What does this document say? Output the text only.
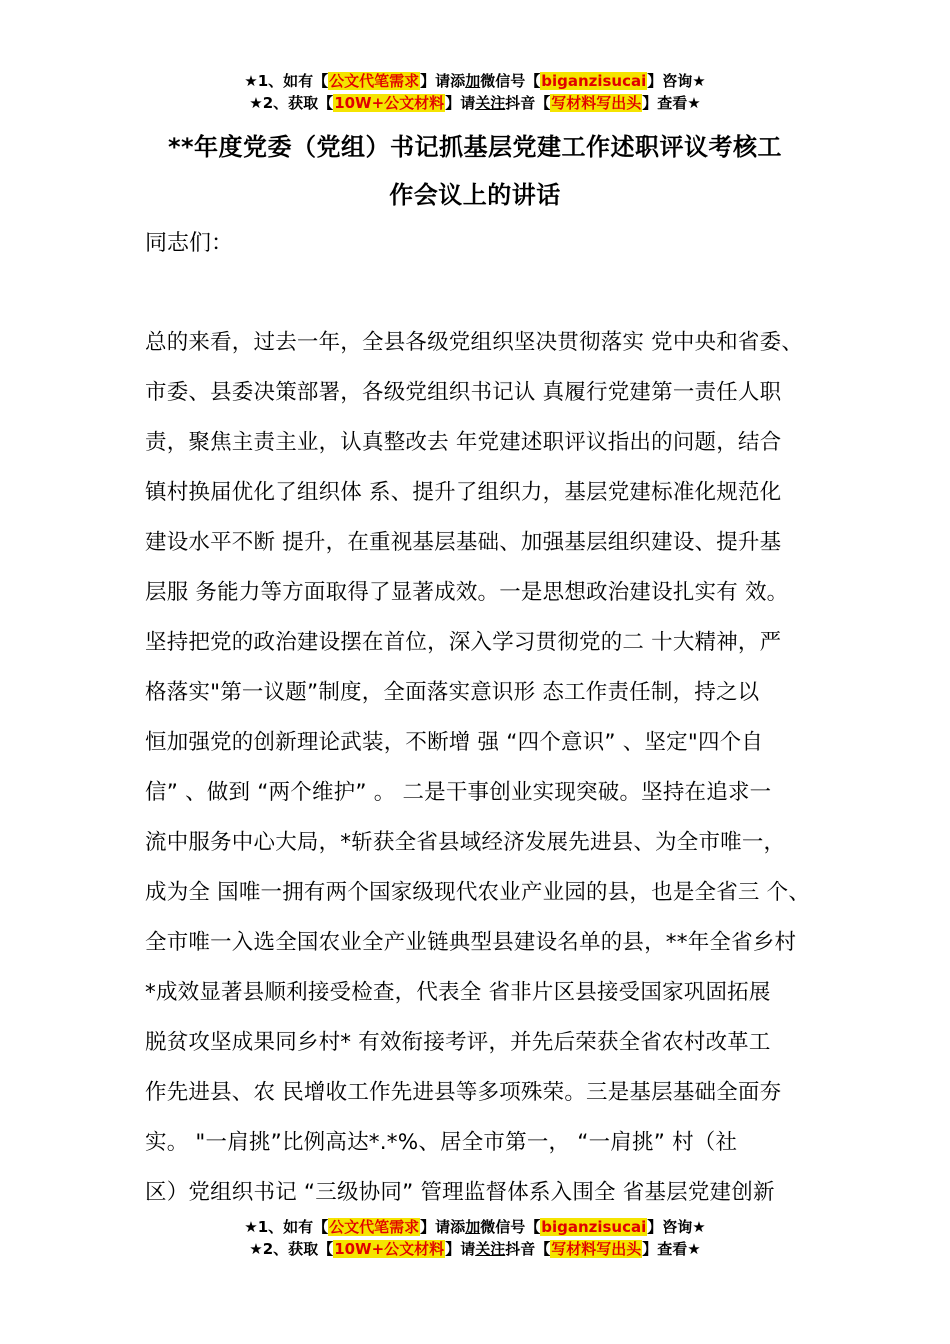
★1、如有【公文代笔需求】请添加微信号【biganzisucai】咨询★
★2、获取【10W+公文材料】请关注抖音【写材料写出头】查看★
**年度党委（党组）书记抓基层党建工作述职评议考核工
作会议上的讲话
同志们：
总的来看，过去一年，全县各级党组织坚决贯彻落实 党中央和省委、
市委、县委决策部署，各级党组织书记认 真履行党建第一责任人职
责，聚焦主责主业，认真整改去 年党建述职评议指出的问题，结合
镇村换届优化了组织体 系、提升了组织力，基层党建标准化规范化
建设水平不断 提升，在重视基层基础、加强基层组织建设、提升基
层服 务能力等方面取得了显著成效。一是思想政治建设扎实有 效。
坚持把党的政治建设摆在首位，深入学习贯彻党的二 十大精神，严
格落实"第一议题”制度，全面落实意识形 态工作责任制，持之以
恒加强党的创新理论武装，不断增 强 “四个意识” 、坚定"四个自
信” 、做到 “两个维护” 。 二是干事创业实现突破。坚持在追求一
流中服务中心大局，*斩获全省县域经济发展先进县、为全市唯一，
成为全 国唯一拥有两个国家级现代农业产业园的县，也是全省三 个、
全市唯一入选全国农业全产业链典型县建设名单的县，**年全省乡村
*成效显著县顺利接受检查，代表全 省非片区县接受国家巩固拓展
脱贫攻坚成果同乡村* 有效衔接考评，并先后荣获全省农村改革工
作先进县、农 民增收工作先进县等多项殊荣。三是基层基础全面夯
实。 "一肩挑”比例高达*.*%、居全市第一， “一肩挑” 村（社
区）党组织书记 “三级协同” 管理监督体系入围全 省基层党建创新
★1、如有【公文代笔需求】请添加微信号【biganzisucai】咨询★
★2、获取【10W+公文材料】请关注抖音【写材料写出头】查看★
